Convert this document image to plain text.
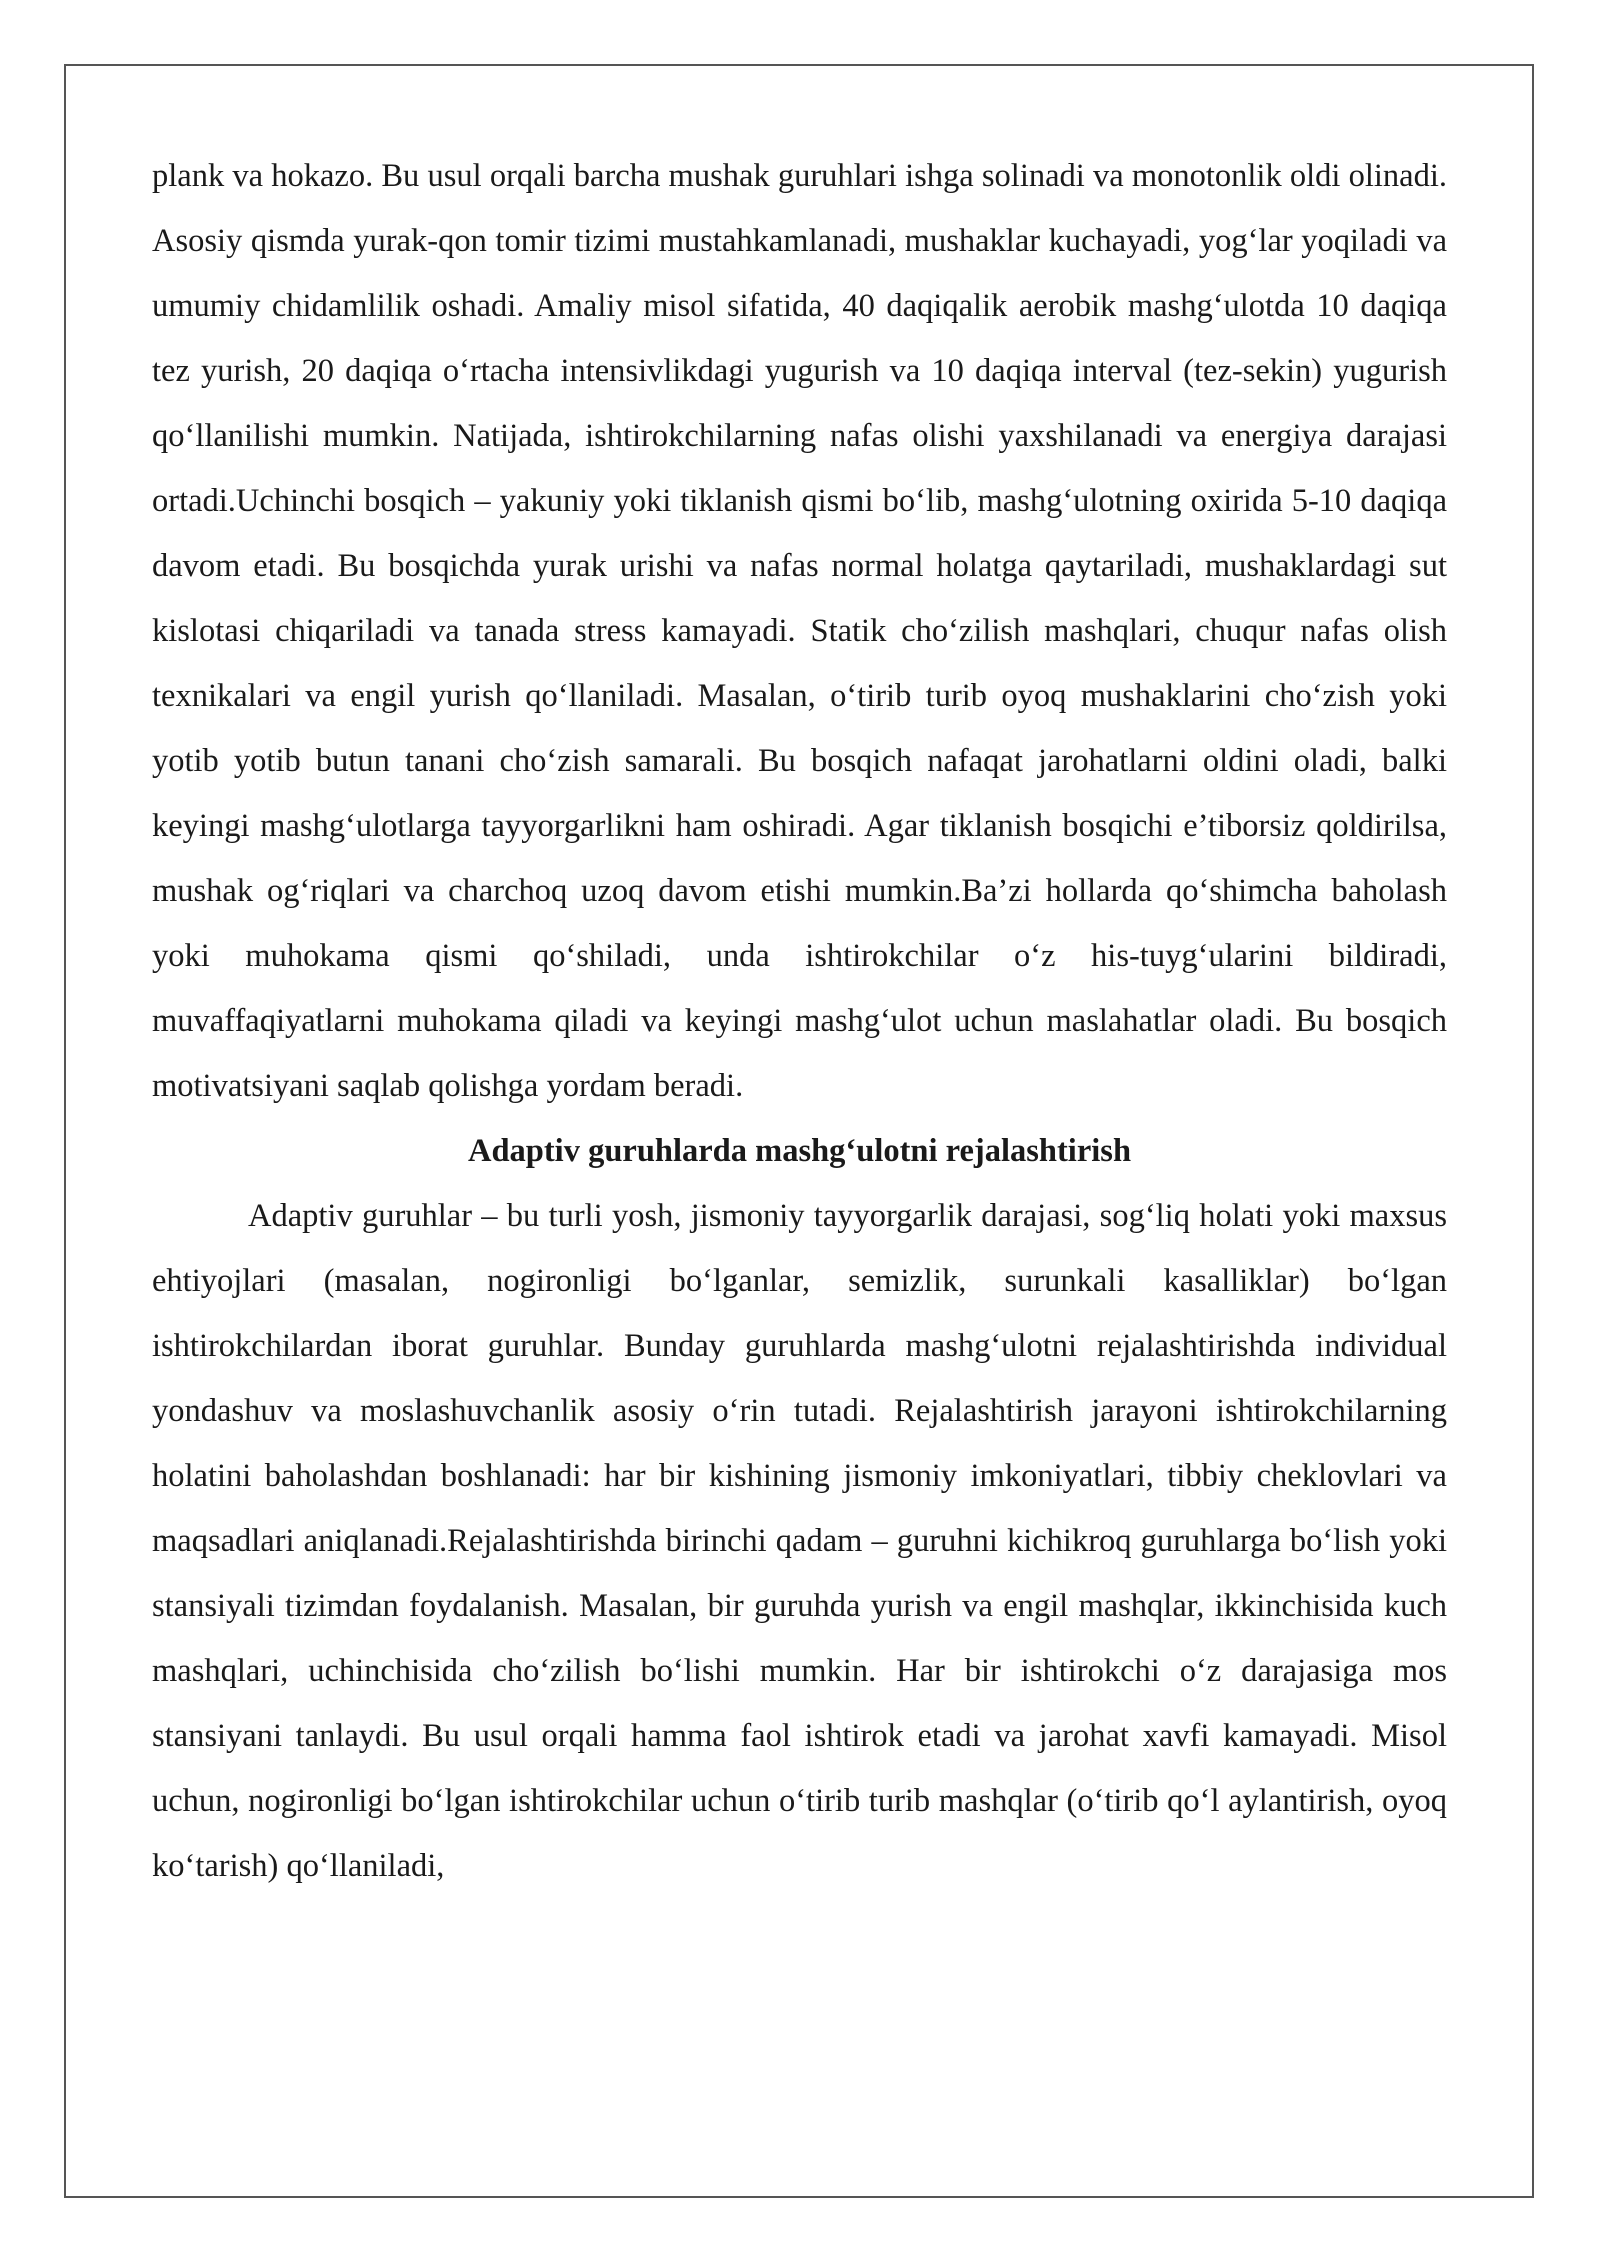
plank va hokazo. Bu usul orqali barcha mushak guruhlari ishga solinadi va monotonlik oldi olinadi. Asosiy qismda yurak-qon tomir tizimi mustahkamlanadi, mushaklar kuchayadi, yog‘lar yoqiladi va umumiy chidamlilik oshadi. Amaliy misol sifatida, 40 daqiqalik aerobik mashg‘ulotda 10 daqiqa tez yurish, 20 daqiqa o‘rtacha intensivlikdagi yugurish va 10 daqiqa interval (tez-sekin) yugurish qo‘llanilishi mumkin. Natijada, ishtirokchilarning nafas olishi yaxshilanadi va energiya darajasi ortadi.Uchinchi bosqich – yakuniy yoki tiklanish qismi bo‘lib, mashg‘ulotning oxirida 5-10 daqiqa davom etadi. Bu bosqichda yurak urishi va nafas normal holatga qaytariladi, mushaklardagi sut kislotasi chiqariladi va tanada stress kamayadi. Statik cho‘zilish mashqlari, chuqur nafas olish texnikalari va engil yurish qo‘llaniladi. Masalan, o‘tirib turib oyoq mushaklarini cho‘zish yoki yotib yotib butun tanani cho‘zish samarali. Bu bosqich nafaqat jarohatlarni oldini oladi, balki keyingi mashg‘ulotlarga tayyorgarlikni ham oshiradi. Agar tiklanish bosqichi e’tiborsiz qoldirilsa, mushak og‘riqlari va charchoq uzoq davom etishi mumkin.Ba’zi hollarda qo‘shimcha baholash yoki muhokama qismi qo‘shiladi, unda ishtirokchilar o‘z his-tuyg‘ularini bildiradi, muvaffaqiyatlarni muhokama qiladi va keyingi mashg‘ulot uchun maslahatlar oladi. Bu bosqich motivatsiyani saqlab qolishga yordam beradi.

Adaptiv guruhlarda mashg‘ulotni rejalashtirish

Adaptiv guruhlar – bu turli yosh, jismoniy tayyorgarlik darajasi, sog‘liq holati yoki maxsus ehtiyojlari (masalan, nogironligi bo‘lganlar, semizlik, surunkali kasalliklar) bo‘lgan ishtirokchilardan iborat guruhlar. Bunday guruhlarda mashg‘ulotni rejalashtirishda individual yondashuv va moslashuvchanlik asosiy o‘rin tutadi. Rejalashtirish jarayoni ishtirokchilarning holatini baholashdan boshlanadi: har bir kishining jismoniy imkoniyatlari, tibbiy cheklovlari va maqsadlari aniqlanadi.Rejalashtirishda birinchi qadam – guruhni kichikroq guruhlarga bo‘lish yoki stansiyali tizimdan foydalanish. Masalan, bir guruhda yurish va engil mashqlar, ikkinchisida kuch mashqlari, uchinchisida cho‘zilish bo‘lishi mumkin. Har bir ishtirokchi o‘z darajasiga mos stansiyani tanlaydi. Bu usul orqali hamma faol ishtirok etadi va jarohat xavfi kamayadi. Misol uchun, nogironligi bo‘lgan ishtirokchilar uchun o‘tirib turib mashqlar (o‘tirib qo‘l aylantirish, oyoq ko‘tarish) qo‘llaniladi,
